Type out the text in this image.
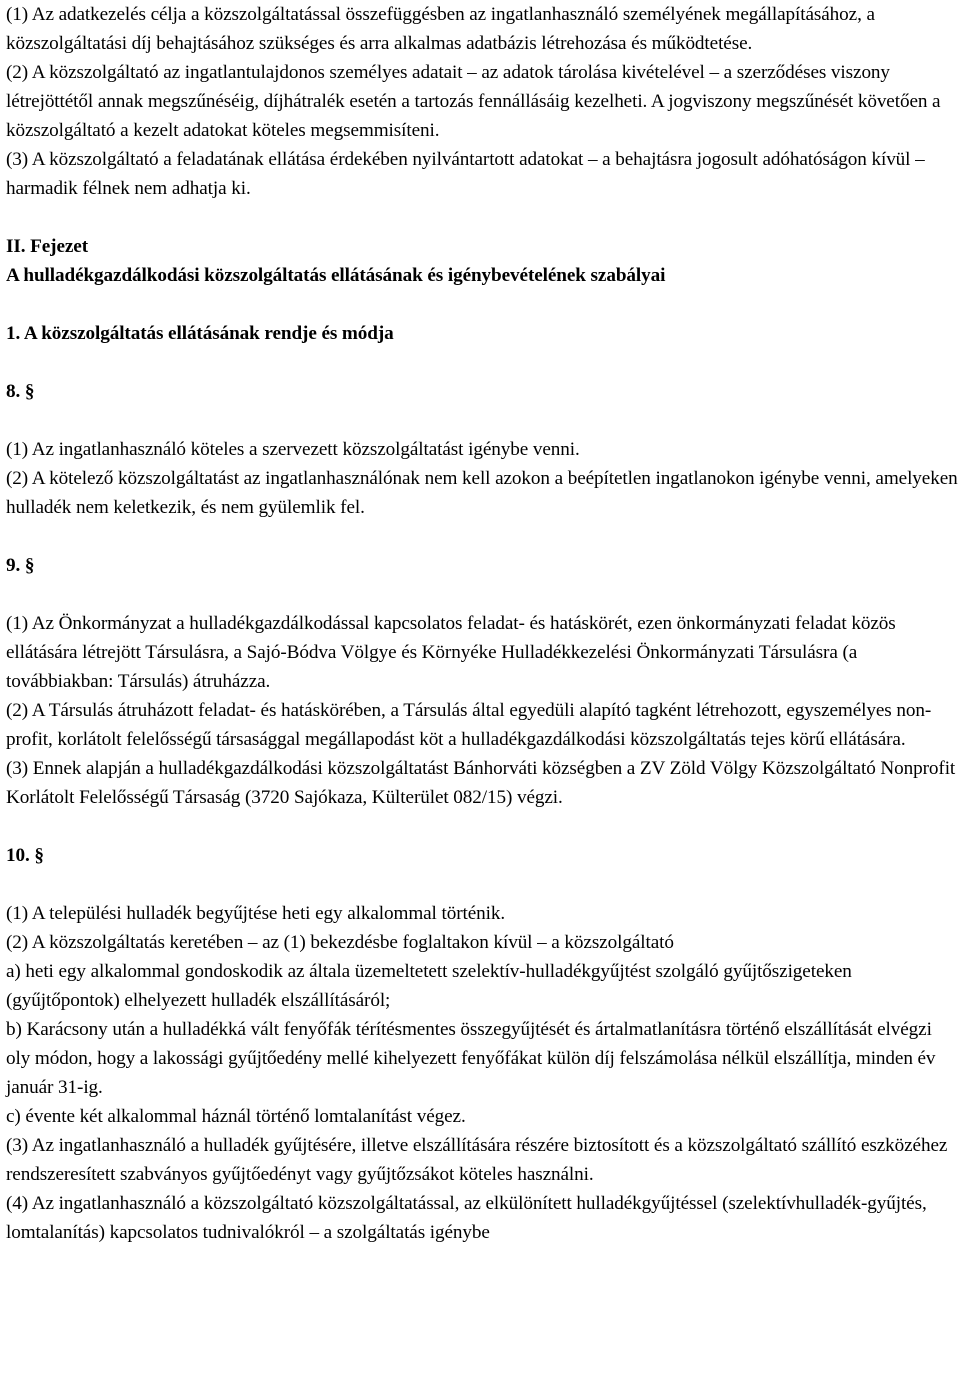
(1) Az adatkezelés célja a közszolgáltatással összefüggésben az ingatlanhasználó személyének megállapításához, a közszolgáltatási díj behajtásához szükséges és arra alkalmas adatbázis létrehozása és működtetése.

(2) A közszolgáltató az ingatlantulajdonos személyes adatait – az adatok tárolása kivételével – a szerződéses viszony létrejöttétől annak megszűnéséig, díjhátralék esetén a tartozás fennállásáig kezelheti. A jogviszony megszűnését követően a közszolgáltató a kezelt adatokat köteles megsemmisíteni.

(3) A közszolgáltató a feladatának ellátása érdekében nyilvántartott adatokat – a behajtásra jogosult adóhatóságon kívül – harmadik félnek nem adhatja ki.

II. Fejezet

A hulladékgazdálkodási közszolgáltatás ellátásának és igénybevételének szabályai

1. A közszolgáltatás ellátásának rendje és módja

8. §

(1) Az ingatlanhasználó köteles a szervezett közszolgáltatást igénybe venni.

(2) A kötelező közszolgáltatást az ingatlanhasználónak nem kell azokon a beépítetlen ingatlanokon igénybe venni, amelyeken hulladék nem keletkezik, és nem gyülemlik fel.

9. §

(1) Az Önkormányzat a hulladékgazdálkodással kapcsolatos feladat- és hatáskörét, ezen önkormányzati feladat közös ellátására létrejött Társulásra, a Sajó-Bódva Völgye és Környéke Hulladékkezelési Önkormányzati Társulásra (a továbbiakban: Társulás) átruházza.

(2) A Társulás átruházott feladat- és hatáskörében, a Társulás által egyedüli alapító tagként létrehozott, egyszemélyes non-profit, korlátolt felelősségű társasággal megállapodást köt a hulladékgazdálkodási közszolgáltatás tejes körű ellátására.

(3) Ennek alapján a hulladékgazdálkodási közszolgáltatást Bánhorváti községben a ZV Zöld Völgy Közszolgáltató Nonprofit Korlátolt Felelősségű Társaság (3720 Sajókaza, Külterület 082/15) végzi.

10. §

(1) A települési hulladék begyűjtése heti egy alkalommal történik.

(2) A közszolgáltatás keretében – az (1) bekezdésbe foglaltakon kívül – a közszolgáltató

a) heti egy alkalommal gondoskodik az általa üzemeltetett szelektív-hulladékgyűjtést szolgáló gyűjtőszigeteken (gyűjtőpontok) elhelyezett hulladék elszállításáról;

b) Karácsony után a hulladékká vált fenyőfák térítésmentes összegyűjtését és ártalmatlanításra történő elszállítását elvégzi oly módon, hogy a lakossági gyűjtőedény mellé kihelyezett fenyőfákat külön díj felszámolása nélkül elszállítja, minden év január 31-ig.

c) évente két alkalommal háznál történő lomtalanítást végez.

(3) Az ingatlanhasználó a hulladék gyűjtésére, illetve elszállítására részére biztosított és a közszolgáltató szállító eszközéhez rendszeresített szabványos gyűjtőedényt vagy gyűjtőzsákot köteles használni.

(4) Az ingatlanhasználó a közszolgáltató közszolgáltatással, az elkülönített hulladékgyűjtéssel (szelektívhulladék-gyűjtés, lomtalanítás) kapcsolatos tudnivalókról – a szolgáltatás igénybe
